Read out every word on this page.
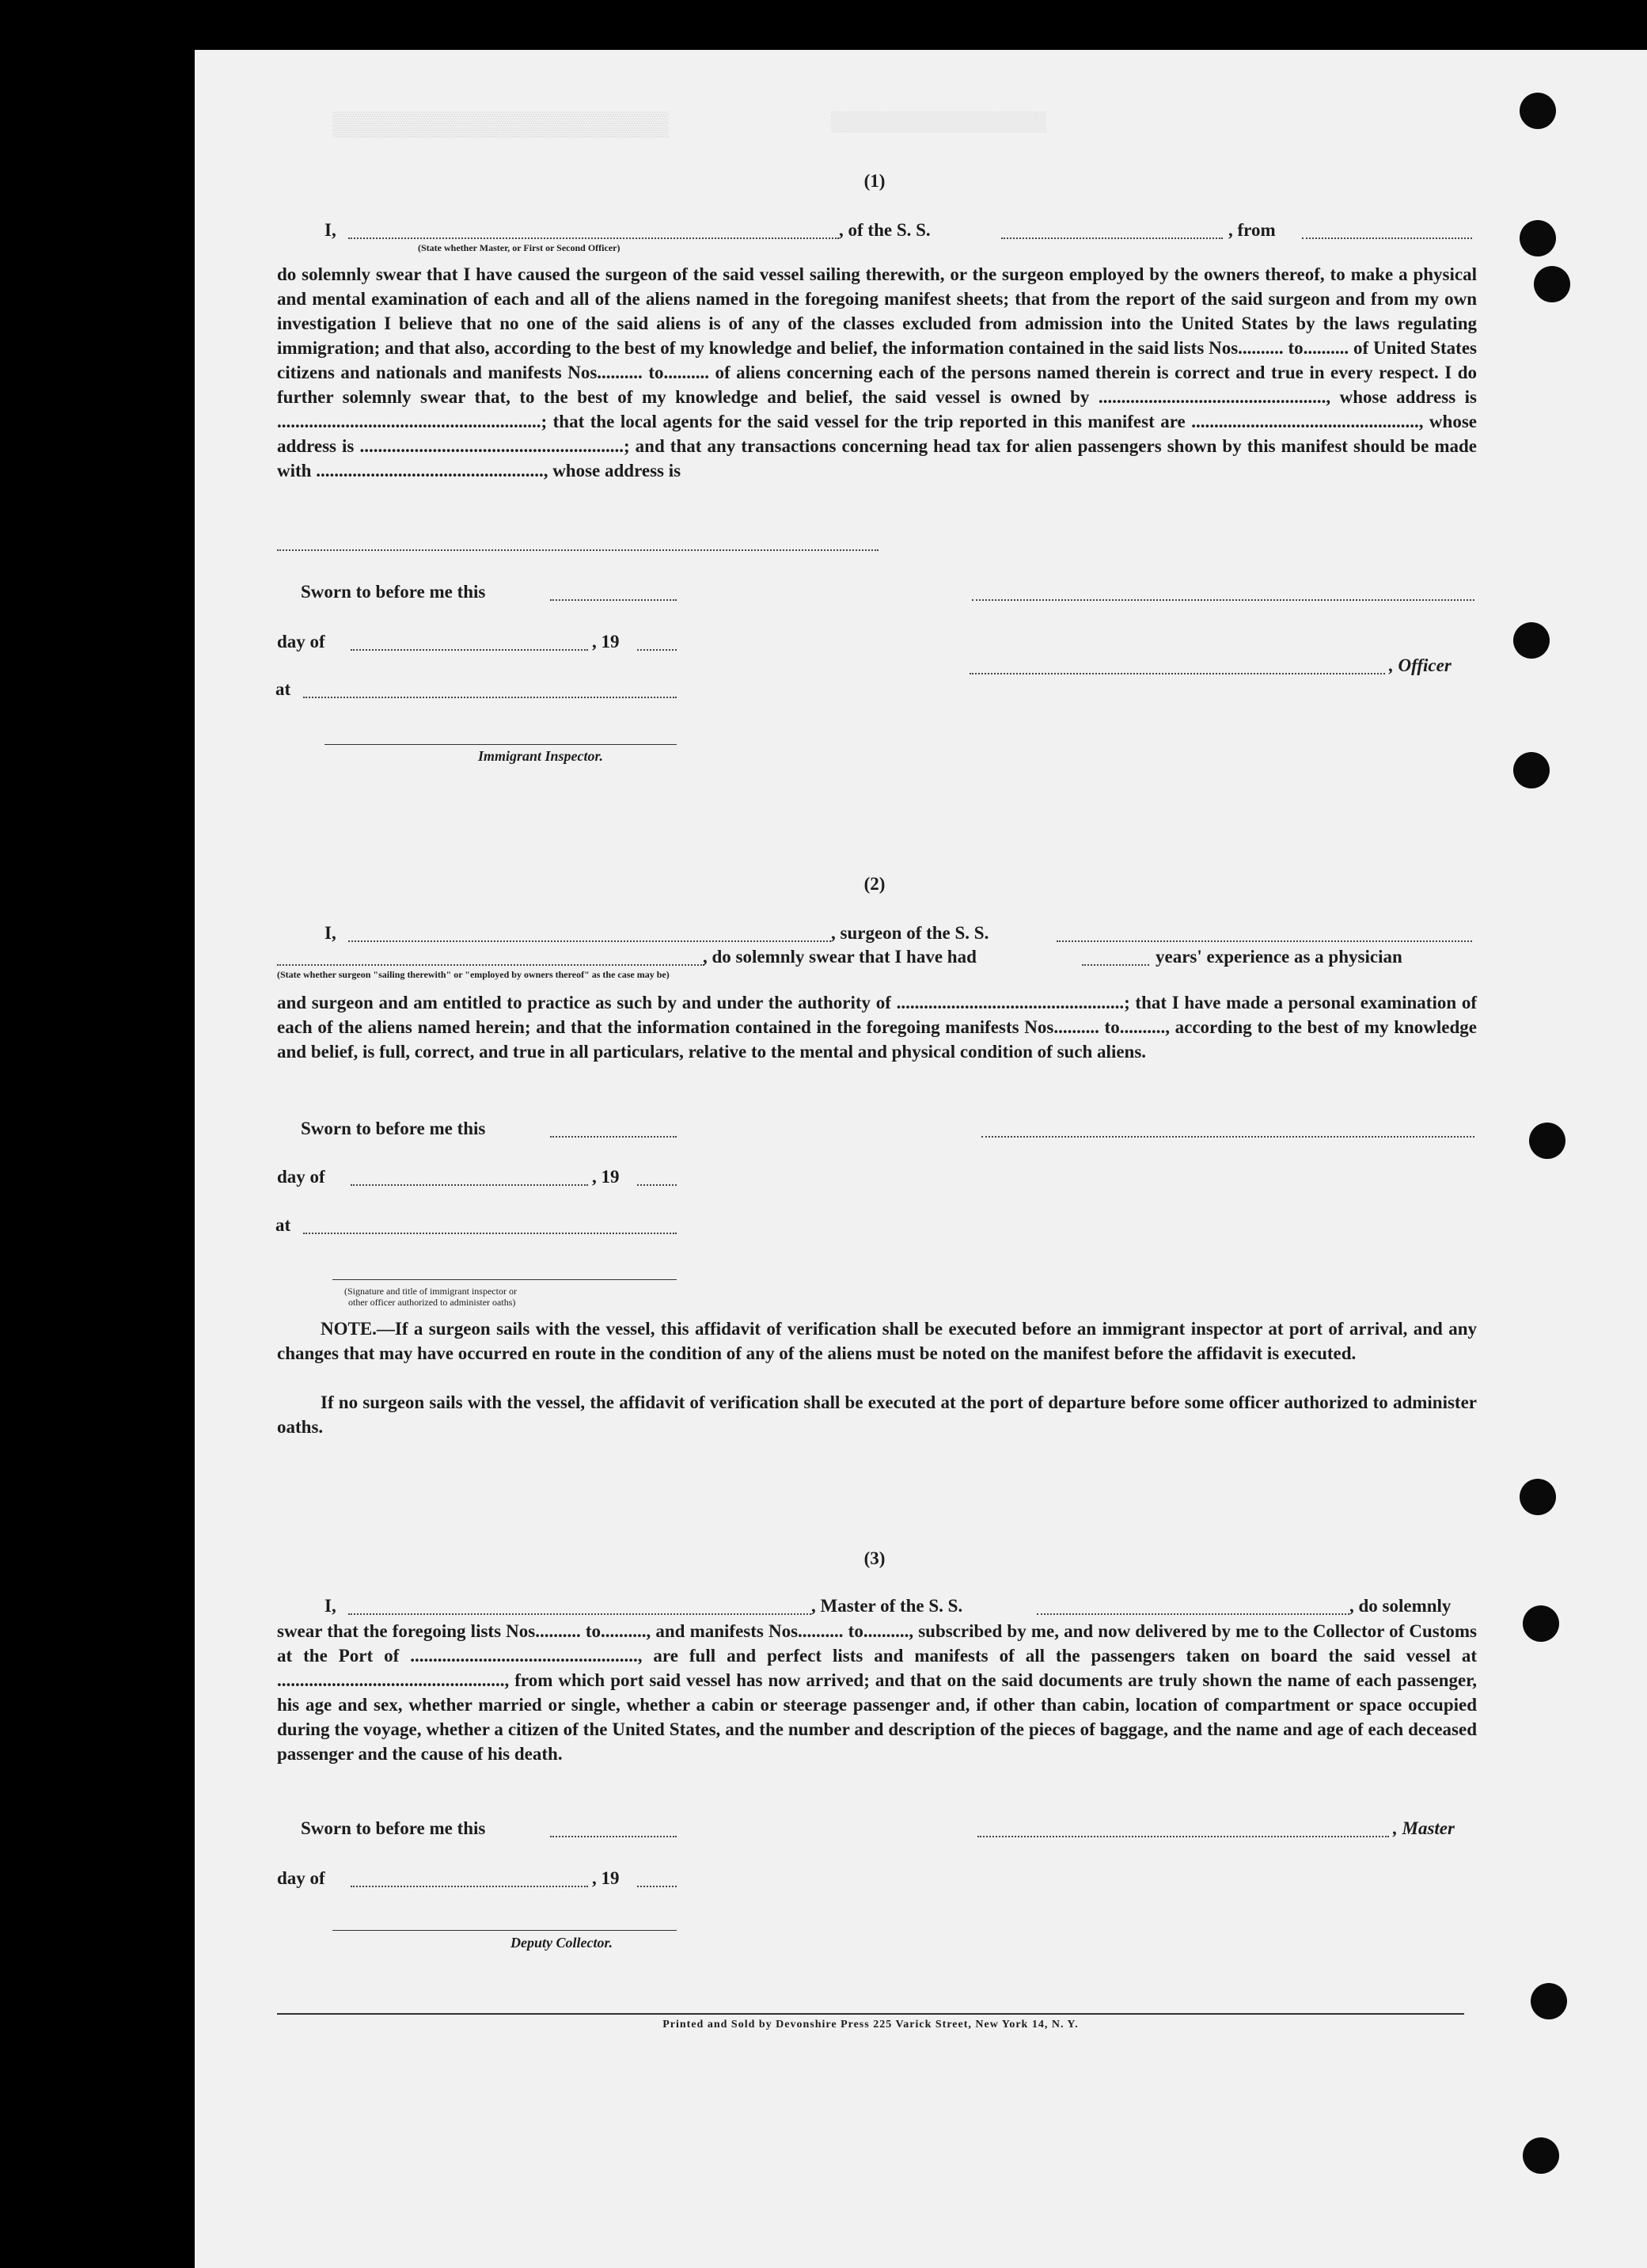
▒▒▒▒▒▒▒▒▒▒▒▒▒▒▒▒▒▒▒▒	▒▒▒▒▒▒▒▒▒▒▒▒▒▒▒▒
(1)
I,
(State whether Master, or First or Second Officer)
, of the S. S.	, from
do solemnly swear that I have caused the surgeon of the said vessel sailing therewith, or the surgeon employed by the owners thereof, to make a physical and mental examination of each and all of the aliens named in the foregoing manifest sheets; that from the report of the said surgeon and from my own investigation I believe that no one of the said aliens is of any of the classes excluded from admission into the United States by the laws regulating immigration; and that also, according to the best of my knowledge and belief, the information contained in the said lists Nos.......... to.......... of United States citizens and nationals and manifests Nos.......... to.......... of aliens concerning each of the persons named therein is correct and true in every respect. I do further solemnly swear that, to the best of my knowledge and belief, the said vessel is owned by .................................................., whose address is ..........................................................; that the local agents for the said vessel for the trip reported in this manifest are .................................................., whose address is ..........................................................; and that any transactions concerning head tax for alien passengers shown by this manifest should be made with .................................................., whose address is
Sworn to before me this
day of	, 19
, Officer
at
Immigrant Inspector.
(2)
I,	, surgeon of the S. S.
, do solemnly swear that I have had	years' experience as a physician
(State whether surgeon "sailing therewith" or "employed by owners thereof" as the case may be)
and surgeon and am entitled to practice as such by and under the authority of ..................................................; that I have made a personal examination of each of the aliens named herein; and that the information contained in the foregoing manifests Nos.......... to.........., according to the best of my knowledge and belief, is full, correct, and true in all particulars, relative to the mental and physical condition of such aliens.
Sworn to before me this
day of	, 19
at
(Signature and title of immigrant inspector or
other officer authorized to administer oaths)
NOTE.—If a surgeon sails with the vessel, this affidavit of verification shall be executed before an immigrant inspector at port of arrival, and any changes that may have occurred en route in the condition of any of the aliens must be noted on the manifest before the affidavit is executed.
If no surgeon sails with the vessel, the affidavit of verification shall be executed at the port of departure before some officer authorized to administer oaths.
(3)
I,	, Master of the S. S.	, do solemnly
swear that the foregoing lists Nos.......... to.........., and manifests Nos.......... to.........., subscribed by me, and now delivered by me to the Collector of Customs at the Port of .................................................., are full and perfect lists and manifests of all the passengers taken on board the said vessel at .................................................., from which port said vessel has now arrived; and that on the said documents are truly shown the name of each passenger, his age and sex, whether married or single, whether a cabin or steerage passenger and, if other than cabin, location of compartment or space occupied during the voyage, whether a citizen of the United States, and the number and description of the pieces of baggage, and the name and age of each deceased passenger and the cause of his death.
Sworn to before me this	, Master
day of	, 19
Deputy Collector.
Printed and Sold by Devonshire Press 225 Varick Street, New York 14, N. Y.
